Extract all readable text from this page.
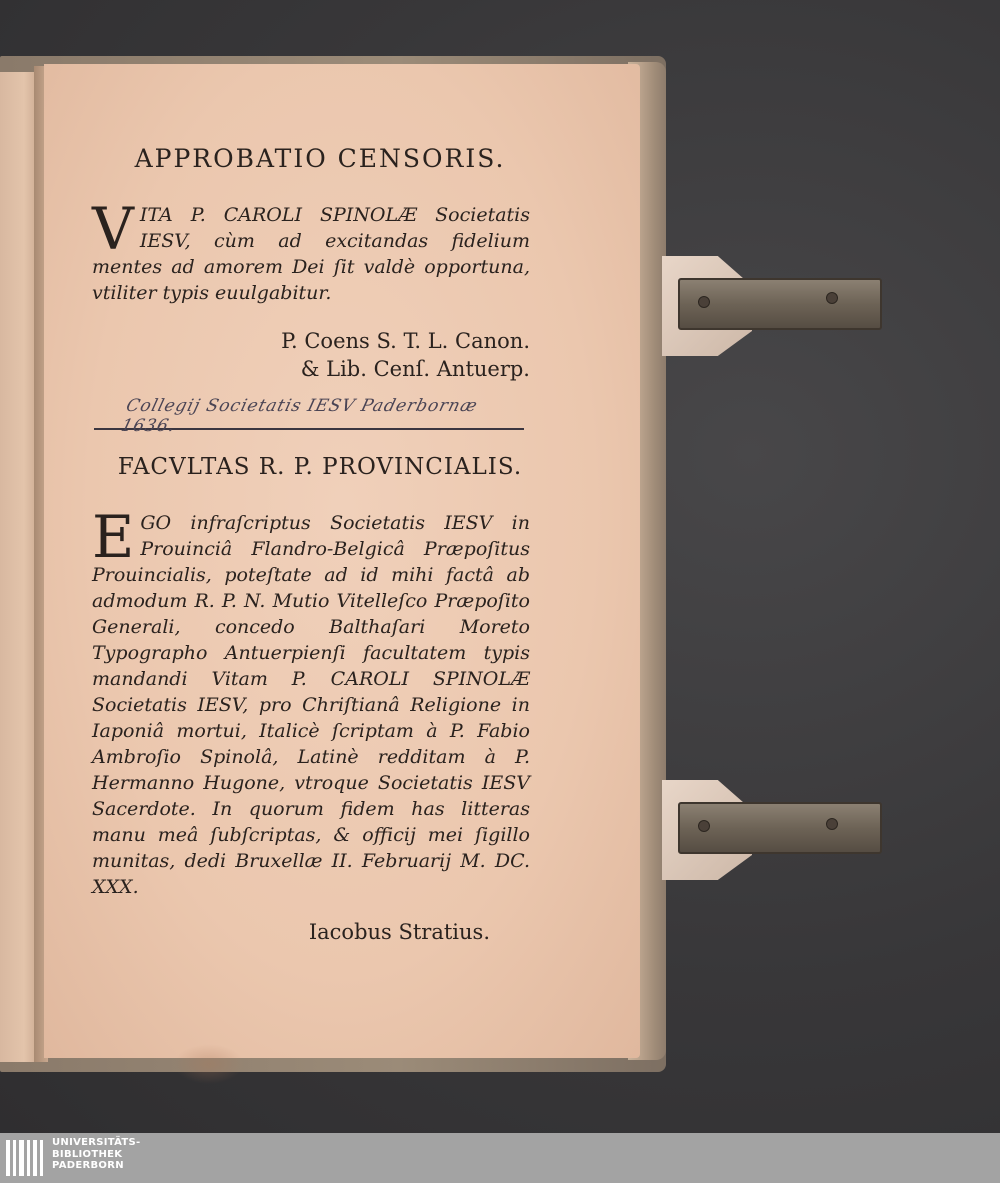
APPROBATIO CENSORIS.
V ITA P. CAROLI SPINOLÆ Societatis IESV, cùm ad excitandas fidelium mentes ad amorem Dei ſit valdè opportuna, vtiliter typis euulgabitur.
P. Coens S. T. L. Canon.
& Lib. Cenſ. Antuerp.
Collegij Societatis IESV Paderbornæ 1636.
FACVLTAS R. P. PROVINCIALIS.
E GO infraſcriptus Societatis IESV in Prouinciâ Flandro-Belgicâ Præpoſitus Prouincialis, poteſtate ad id mihi factâ ab admodum R. P. N. Mutio Vitelleſco Præpoſito Generali, concedo Balthaſari Moreto Typographo Antuerpienſi facultatem typis mandandi Vitam P. CAROLI SPINOLÆ Societatis IESV, pro Chriſtianâ Religione in Iaponiâ mortui, Italicè ſcriptam à P. Fabio Ambroſio Spinolâ, Latinè redditam à P. Hermanno Hugone, vtroque Societatis IESV Sacerdote. In quorum fidem has litteras manu meâ ſubſcriptas, & officij mei ſigillo munitas, dedi Bruxellæ II. Februarij M. DC. XXX.
Iacobus Stratius.
UNIVERSITÄTS-
BIBLIOTHEK
PADERBORN
